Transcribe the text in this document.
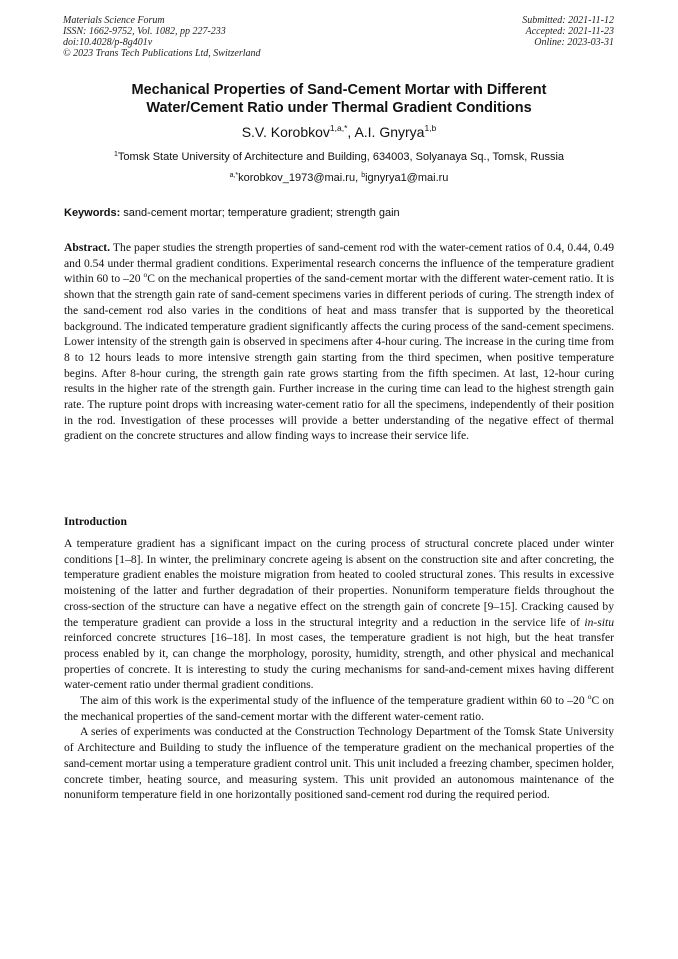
Materials Science Forum
ISSN: 1662-9752, Vol. 1082, pp 227-233
doi:10.4028/p-8g401v
© 2023 Trans Tech Publications Ltd, Switzerland
Submitted: 2021-11-12
Accepted: 2021-11-23
Online: 2023-03-31
Mechanical Properties of Sand-Cement Mortar with Different
Water/Cement Ratio under Thermal Gradient Conditions
S.V. Korobkov$^{1,a,*}$, A.I. Gnyrya$^{1,b}$
$^1$Tomsk State University of Architecture and Building, 634003, Solyanaya Sq., Tomsk, Russia
$^{a,*}$korobkov_1973@mai.ru, $^b$ignyrya1@mai.ru
Keywords: sand-cement mortar; temperature gradient; strength gain
Abstract. The paper studies the strength properties of sand-cement rod with the water-cement ratios of 0.4, 0.44, 0.49 and 0.54 under thermal gradient conditions. Experimental research concerns the influence of the temperature gradient within 60 to –20 $^o$C on the mechanical properties of the sand-cement mortar with the different water-cement ratio. It is shown that the strength gain rate of sand-cement specimens varies in different periods of curing. The strength index of the sand-cement rod also varies in the conditions of heat and mass transfer that is supported by the theoretical background. The indicated temperature gradient significantly affects the curing process of the sand-cement specimens. Lower intensity of the strength gain is observed in specimens after 4-hour curing. The increase in the curing time from 8 to 12 hours leads to more intensive strength gain starting from the third specimen, when positive temperature begins. After 8-hour curing, the strength gain rate grows starting from the fifth specimen. At last, 12-hour curing results in the higher rate of the strength gain. Further increase in the curing time can lead to the highest strength gain rate. The rupture point drops with increasing water-cement ratio for all the specimens, independently of their position in the rod. Investigation of these processes will provide a better understanding of the negative effect of thermal gradient on the concrete structures and allow finding ways to increase their service life.
Introduction

A temperature gradient has a significant impact on the curing process of structural concrete placed under winter conditions [1–8]. In winter, the preliminary concrete ageing is absent on the construction site and after concreting, the temperature gradient enables the moisture migration from heated to cooled structural zones. This results in excessive moistening of the latter and further degradation of their properties. Nonuniform temperature fields throughout the cross-section of the structure can have a negative effect on the strength gain of concrete [9–15]. Cracking caused by the temperature gradient can provide a loss in the structural integrity and a reduction in the service life of in-situ reinforced concrete structures [16–18]. In most cases, the temperature gradient is not high, but the heat transfer process enabled by it, can change the morphology, porosity, humidity, strength, and other physical and mechanical properties of concrete. It is interesting to study the curing mechanisms for sand-and-cement mixes having different water-cement ratio under thermal gradient conditions.

The aim of this work is the experimental study of the influence of the temperature gradient within 60 to –20 $^o$C on the mechanical properties of the sand-cement mortar with the different water-cement ratio.

A series of experiments was conducted at the Construction Technology Department of the Tomsk State University of Architecture and Building to study the influence of the temperature gradient on the mechanical properties of the sand-cement mortar using a temperature gradient control unit. This unit included a freezing chamber, specimen holder, concrete timber, heating source, and measuring system. This unit provided an autonomous maintenance of the nonuniform temperature field in one horizontally positioned sand-cement rod during the required period.
